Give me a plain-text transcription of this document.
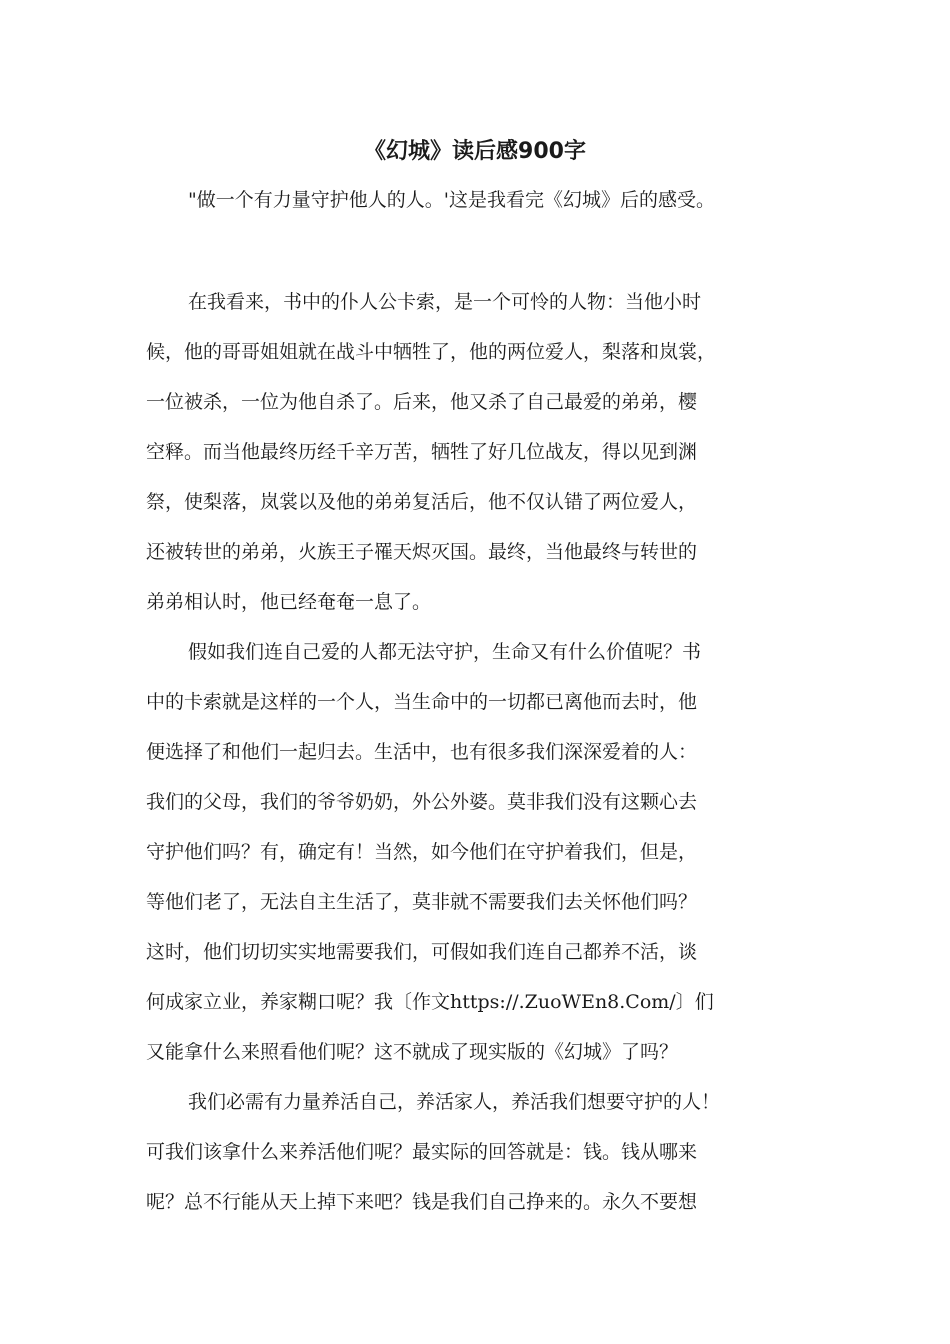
《幻城》读后感900字

"做一个有力量守护他人的人。'这是我看完《幻城》后的感受。

在我看来，书中的仆人公卡索，是一个可怜的人物：当他小时
候，他的哥哥姐姐就在战斗中牺牲了，他的两位爱人，梨落和岚裳，
一位被杀，一位为他自杀了。后来，他又杀了自己最爱的弟弟，樱
空释。而当他最终历经千辛万苦，牺牲了好几位战友，得以见到渊
祭，使梨落，岚裳以及他的弟弟复活后，他不仅认错了两位爱人，
还被转世的弟弟，火族王子罹天烬灭国。最终，当他最终与转世的
弟弟相认时，他已经奄奄一息了。

假如我们连自己爱的人都无法守护，生命又有什么价值呢？书
中的卡索就是这样的一个人，当生命中的一切都已离他而去时，他
便选择了和他们一起归去。生活中，也有很多我们深深爱着的人：
我们的父母，我们的爷爷奶奶，外公外婆。莫非我们没有这颗心去
守护他们吗？有，确定有！当然，如今他们在守护着我们，但是，
等他们老了，无法自主生活了，莫非就不需要我们去关怀他们吗？
这时，他们切切实实地需要我们，可假如我们连自己都养不活，谈
何成家立业，养家糊口呢？我〔作文https://.ZuoWEn8.Com/〕们
又能拿什么来照看他们呢？这不就成了现实版的《幻城》了吗？

我们必需有力量养活自己，养活家人，养活我们想要守护的人！
可我们该拿什么来养活他们呢？最实际的回答就是：钱。钱从哪来
呢？总不行能从天上掉下来吧？钱是我们自己挣来的。永久不要想
